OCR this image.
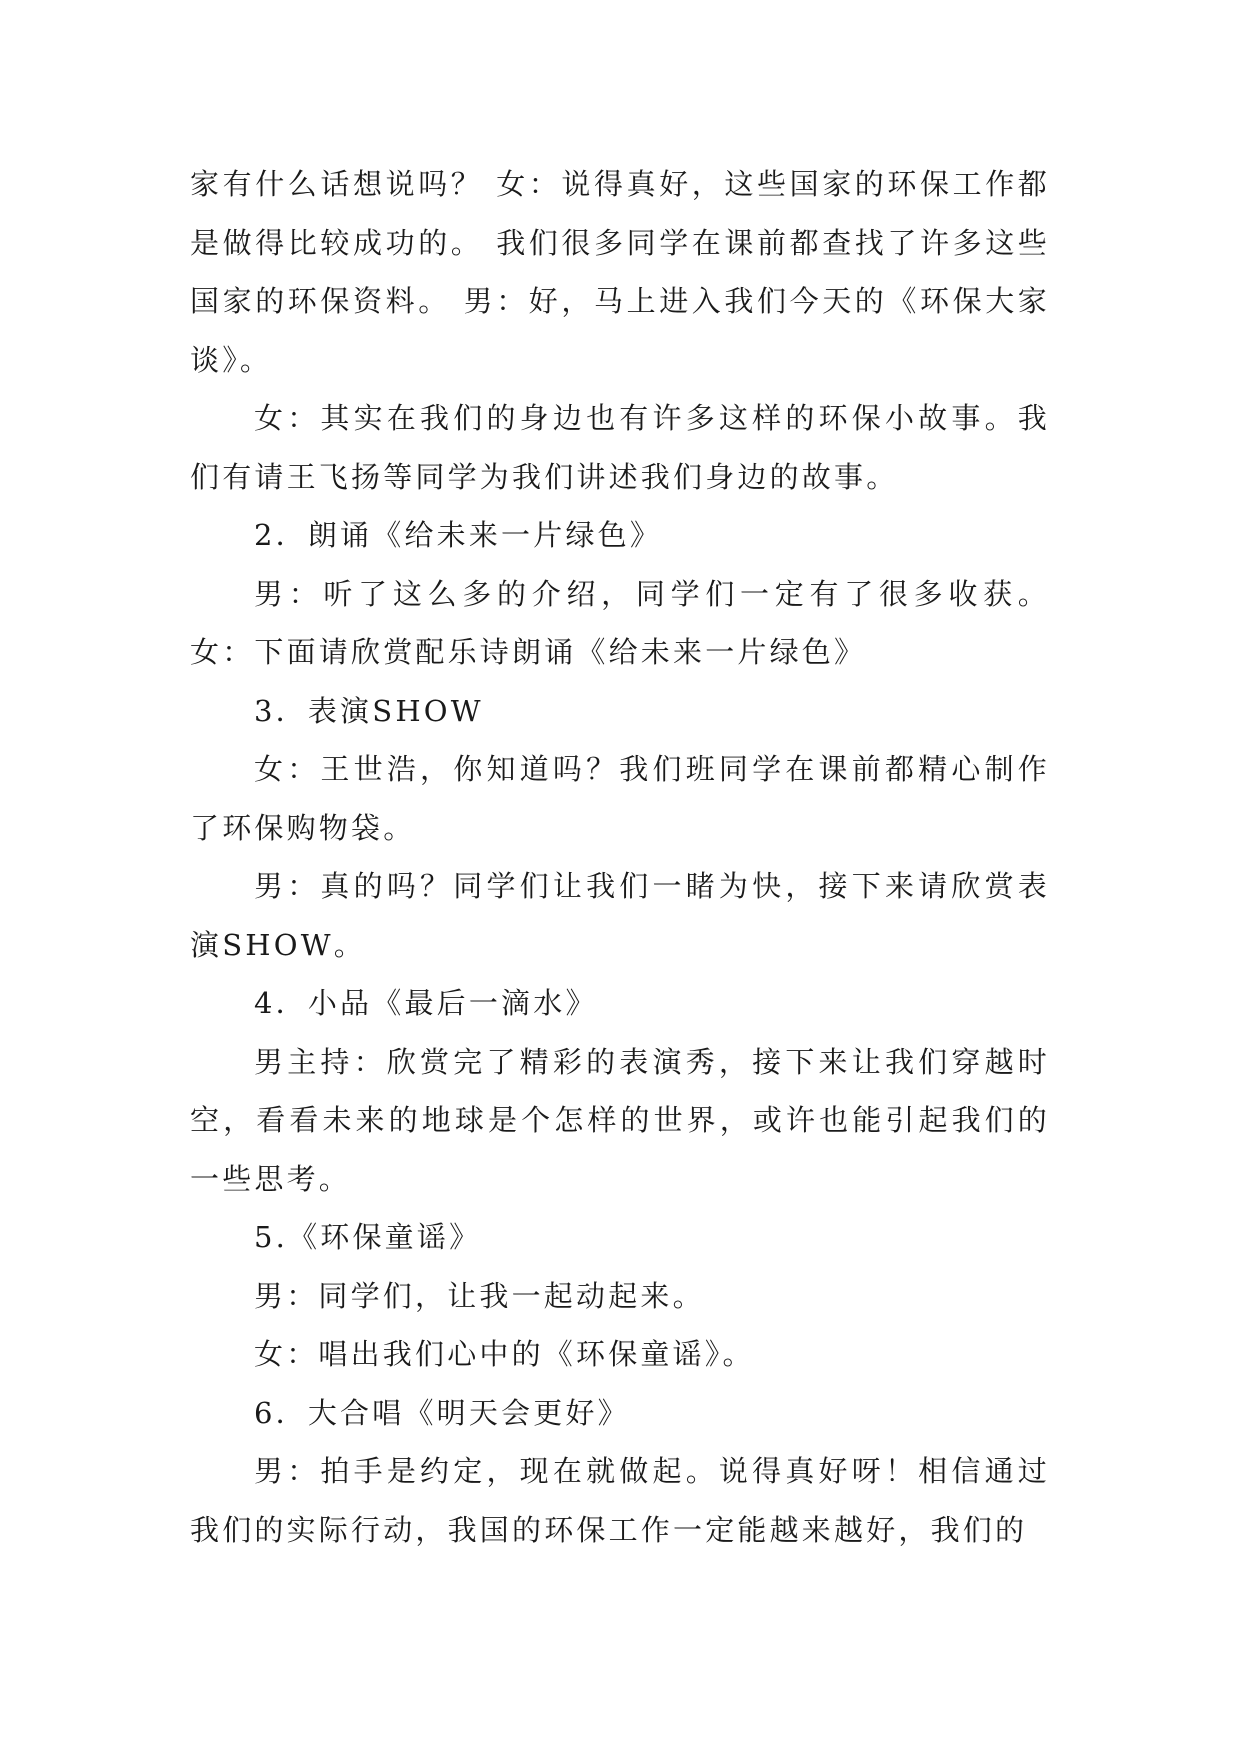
家有什么话想说吗？ 女：说得真好，这些国家的环保工作都是做得比较成功的。 我们很多同学在课前都查找了许多这些国家的环保资料。 男：好，马上进入我们今天的《环保大家谈》。

女：其实在我们的身边也有许多这样的环保小故事。我们有请王飞扬等同学为我们讲述我们身边的故事。

2．朗诵《给未来一片绿色》

男：听了这么多的介绍，同学们一定有了很多收获。女：下面请欣赏配乐诗朗诵《给未来一片绿色》

3．表演SHOW

女：王世浩，你知道吗？我们班同学在课前都精心制作了环保购物袋。

男：真的吗？同学们让我们一睹为快，接下来请欣赏表演SHOW。

4．小品《最后一滴水》

男主持：欣赏完了精彩的表演秀，接下来让我们穿越时空，看看未来的地球是个怎样的世界，或许也能引起我们的一些思考。

5.《环保童谣》

男：同学们，让我一起动起来。

女：唱出我们心中的《环保童谣》。

6．大合唱《明天会更好》

男：拍手是约定，现在就做起。说得真好呀！相信通过我们的实际行动，我国的环保工作一定能越来越好，我们的
